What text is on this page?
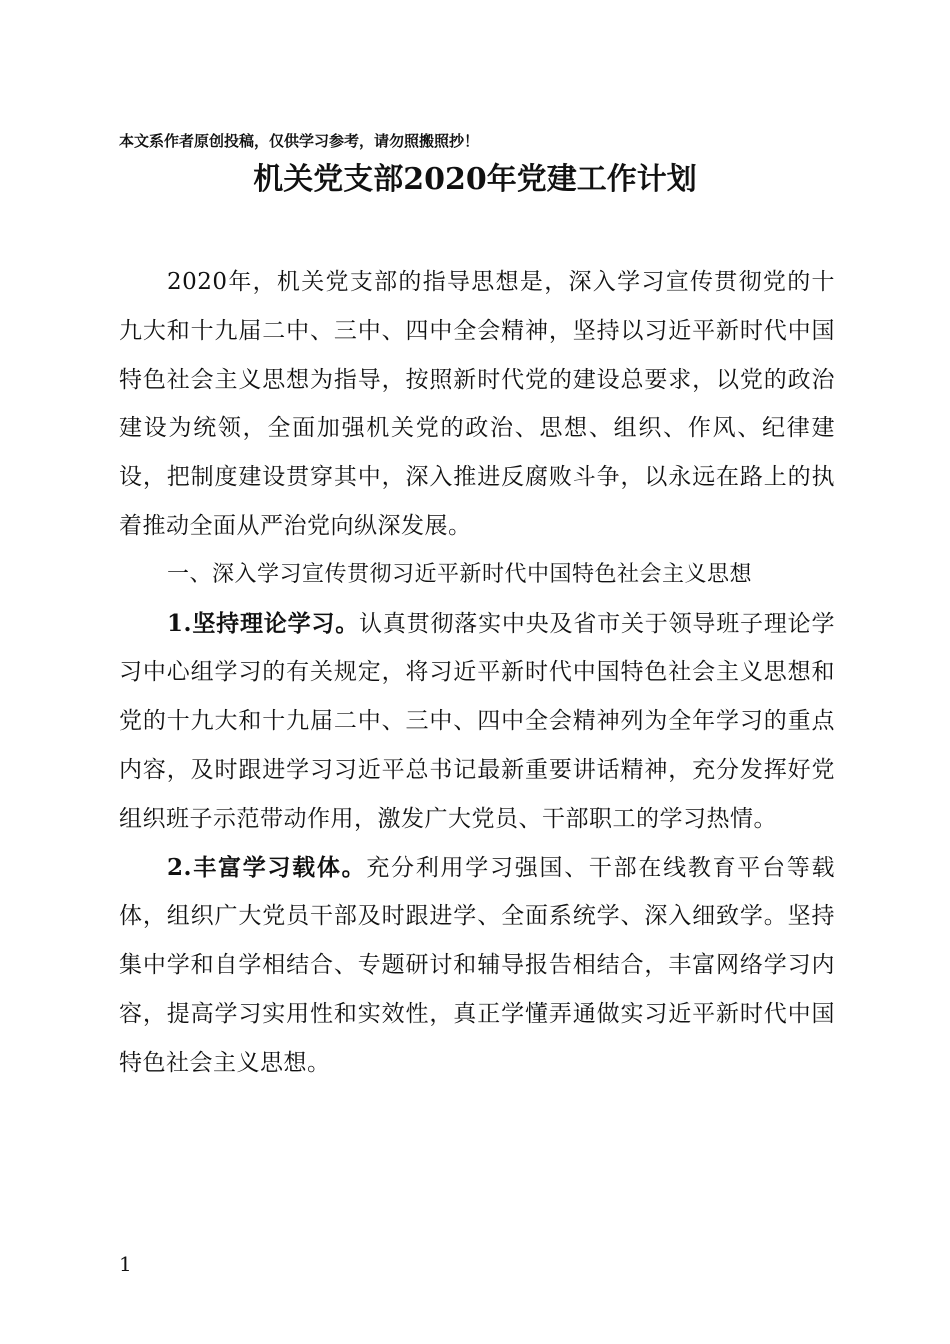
本文系作者原创投稿，仅供学习参考，请勿照搬照抄！
机关党支部2020年党建工作计划

2020年，机关党支部的指导思想是，深入学习宣传贯彻党的十九大和十九届二中、三中、四中全会精神，坚持以习近平新时代中国特色社会主义思想为指导，按照新时代党的建设总要求，以党的政治建设为统领，全面加强机关党的政治、思想、组织、作风、纪律建设，把制度建设贯穿其中，深入推进反腐败斗争，以永远在路上的执着推动全面从严治党向纵深发展。

一、深入学习宣传贯彻习近平新时代中国特色社会主义思想

1.坚持理论学习。认真贯彻落实中央及省市关于领导班子理论学习中心组学习的有关规定，将习近平新时代中国特色社会主义思想和党的十九大和十九届二中、三中、四中全会精神列为全年学习的重点内容，及时跟进学习习近平总书记最新重要讲话精神，充分发挥好党组织班子示范带动作用，激发广大党员、干部职工的学习热情。

2.丰富学习载体。充分利用学习强国、干部在线教育平台等载体，组织广大党员干部及时跟进学、全面系统学、深入细致学。坚持集中学和自学相结合、专题研讨和辅导报告相结合，丰富网络学习内容，提高学习实用性和实效性，真正学懂弄通做实习近平新时代中国特色社会主义思想。

1
